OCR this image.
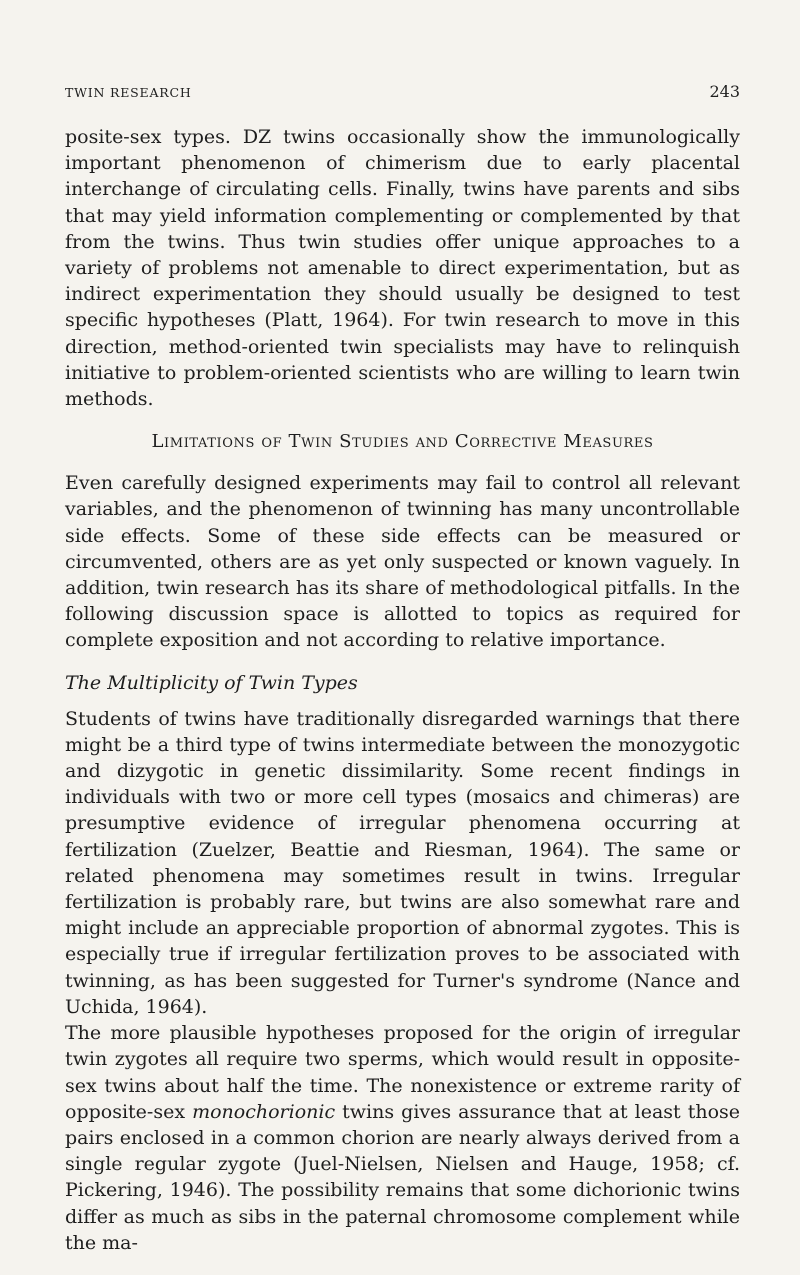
TWIN RESEARCH	243

posite-sex types. DZ twins occasionally show the immunologically important phenomenon of chimerism due to early placental interchange of circulating cells. Finally, twins have parents and sibs that may yield information complementing or complemented by that from the twins. Thus twin studies offer unique approaches to a variety of problems not amenable to direct experimentation, but as indirect experimentation they should usually be designed to test specific hypotheses (Platt, 1964). For twin research to move in this direction, method-oriented twin specialists may have to relinquish initiative to problem-oriented scientists who are willing to learn twin methods.

Limitations of Twin Studies and Corrective Measures

Even carefully designed experiments may fail to control all relevant variables, and the phenomenon of twinning has many uncontrollable side effects. Some of these side effects can be measured or circumvented, others are as yet only suspected or known vaguely. In addition, twin research has its share of methodological pitfalls. In the following discussion space is allotted to topics as required for complete exposition and not according to relative importance.

The Multiplicity of Twin Types

Students of twins have traditionally disregarded warnings that there might be a third type of twins intermediate between the monozygotic and dizygotic in genetic dissimilarity. Some recent findings in individuals with two or more cell types (mosaics and chimeras) are presumptive evidence of irregular phenomena occurring at fertilization (Zuelzer, Beattie and Riesman, 1964). The same or related phenomena may sometimes result in twins. Irregular fertilization is probably rare, but twins are also somewhat rare and might include an appreciable proportion of abnormal zygotes. This is especially true if irregular fertilization proves to be associated with twinning, as has been suggested for Turner's syndrome (Nance and Uchida, 1964).

The more plausible hypotheses proposed for the origin of irregular twin zygotes all require two sperms, which would result in opposite-sex twins about half the time. The nonexistence or extreme rarity of opposite-sex monochorionic twins gives assurance that at least those pairs enclosed in a common chorion are nearly always derived from a single regular zygote (Juel-Nielsen, Nielsen and Hauge, 1958; cf. Pickering, 1946). The possibility remains that some dichorionic twins differ as much as sibs in the paternal chromosome complement while the ma-
